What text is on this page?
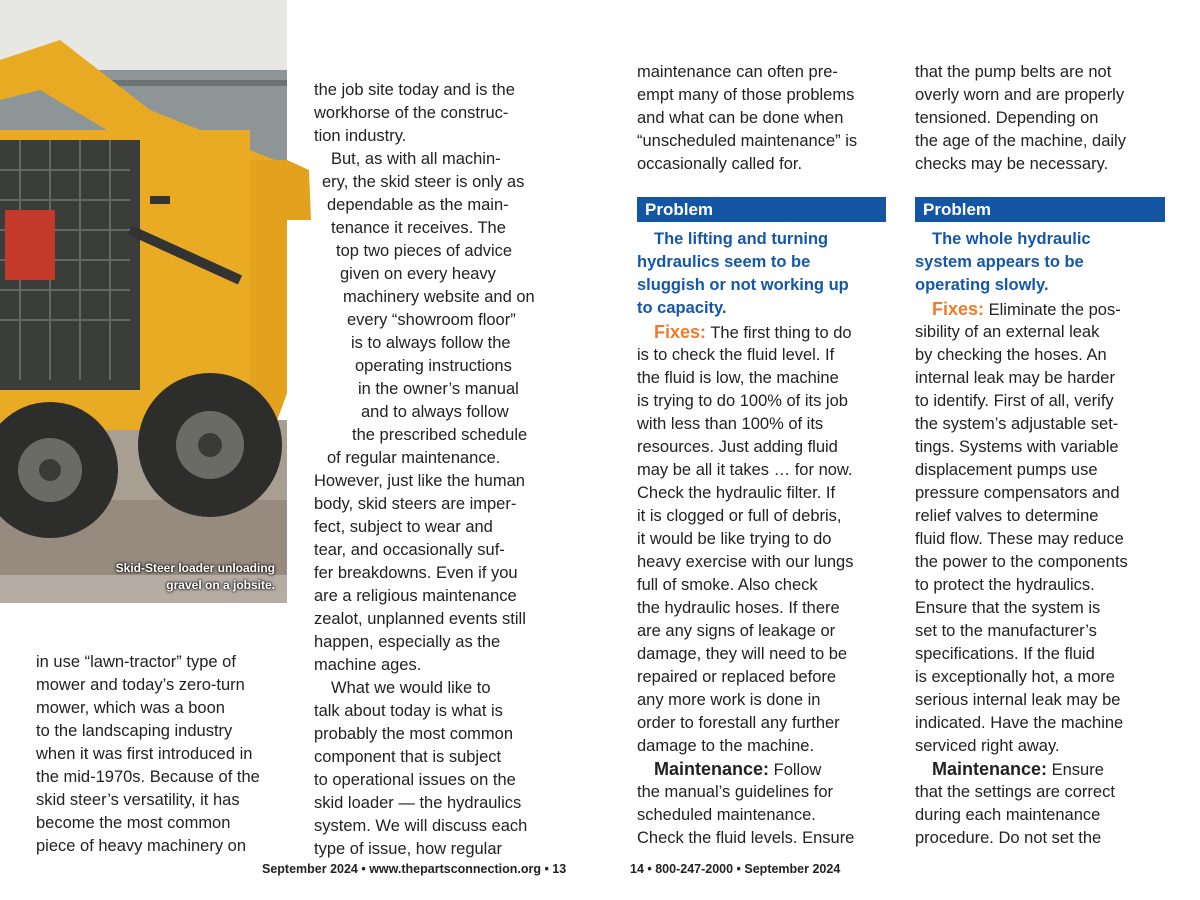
Skid-Steer loader unloading
gravel on a jobsite.
in use “lawn-tractor” type of
mower and today’s zero-turn
mower, which was a boon
to the landscaping industry
when it was first introduced in
the mid-1970s. Because of the
skid steer’s versatility, it has
become the most common
piece of heavy machinery on
the job site today and is the
workhorse of the construc-
tion industry.
But, as with all machin-
ery, the skid steer is only as
dependable as the main-
tenance it receives. The
top two pieces of advice
given on every heavy
machinery website and on
every “showroom floor”
is to always follow the
operating instructions
in the owner’s manual
and to always follow
the prescribed schedule
of regular maintenance.
However, just like the human
body, skid steers are imper-
fect, subject to wear and
tear, and occasionally suf-
fer breakdowns. Even if you
are a religious maintenance
zealot, unplanned events still
happen, especially as the
machine ages.
What we would like to
talk about today is what is
probably the most common
component that is subject
to operational issues on the
skid loader — the hydraulics
system. We will discuss each
type of issue, how regular
maintenance can often pre-
empt many of those problems
and what can be done when
“unscheduled maintenance” is
occasionally called for.
Problem
The lifting and turning
hydraulics seem to be
sluggish or not working up
to capacity.
Fixes: The first thing to do
is to check the fluid level. If
the fluid is low, the machine
is trying to do 100% of its job
with less than 100% of its
resources. Just adding fluid
may be all it takes … for now.
Check the hydraulic filter. If
it is clogged or full of debris,
it would be like trying to do
heavy exercise with our lungs
full of smoke. Also check
the hydraulic hoses. If there
are any signs of leakage or
damage, they will need to be
repaired or replaced before
any more work is done in
order to forestall any further
damage to the machine.
Maintenance: Follow
the manual’s guidelines for
scheduled maintenance.
Check the fluid levels. Ensure
that the pump belts are not
overly worn and are properly
tensioned. Depending on
the age of the machine, daily
checks may be necessary.
Problem
The whole hydraulic
system appears to be
operating slowly.
Fixes: Eliminate the pos-
sibility of an external leak
by checking the hoses. An
internal leak may be harder
to identify. First of all, verify
the system’s adjustable set-
tings. Systems with variable
displacement pumps use
pressure compensators and
relief valves to determine
fluid flow. These may reduce
the power to the components
to protect the hydraulics.
Ensure that the system is
set to the manufacturer’s
specifications. If the fluid
is exceptionally hot, a more
serious internal leak may be
indicated. Have the machine
serviced right away.
Maintenance: Ensure
that the settings are correct
during each maintenance
procedure. Do not set the
September 2024 • www.thepartsconnection.org • 13	14 • 800-247-2000 • September 2024
